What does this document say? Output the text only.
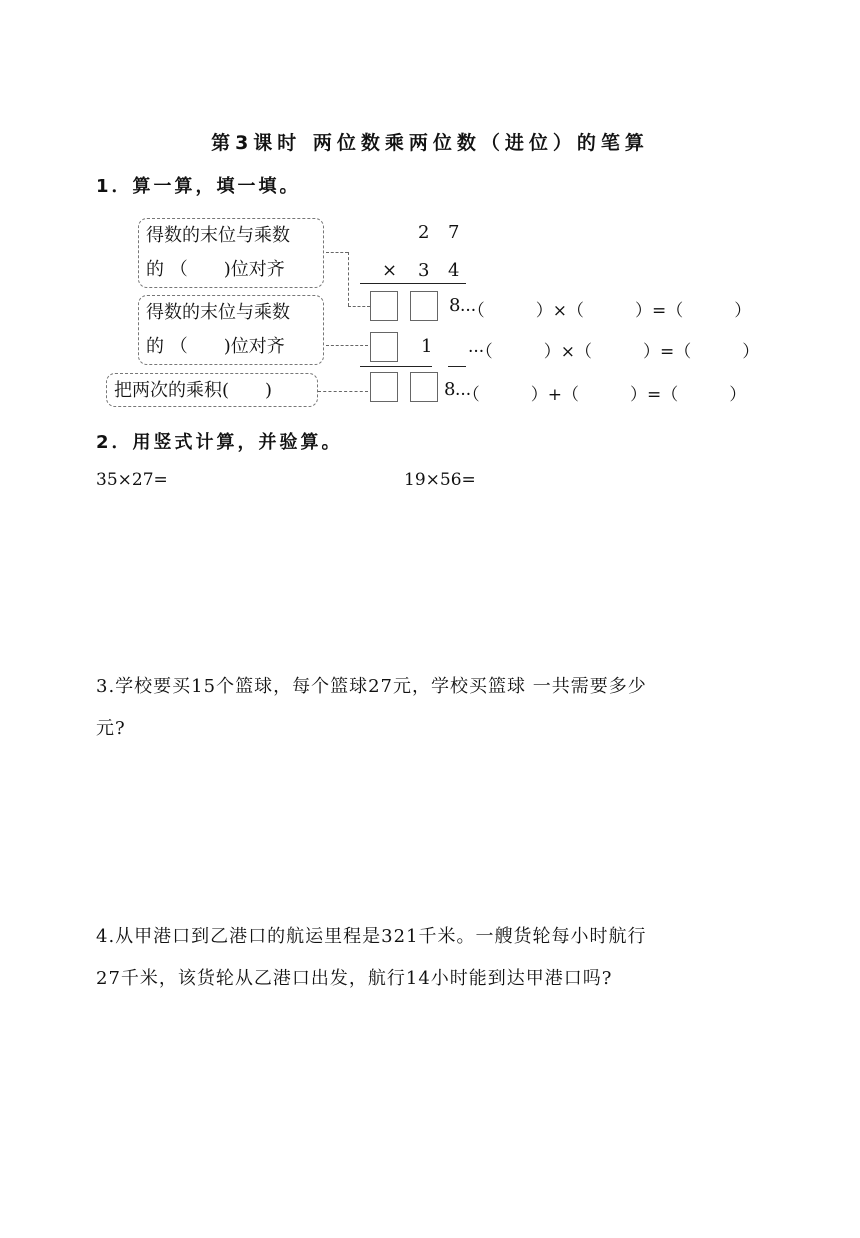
第3课时 两位数乘两位数（进位）的笔算
1．算一算，填一填。
得数的末位与乘数
的 （　　)位对齐
得数的末位与乘数
的 （　　)位对齐
把两次的乘积(　　)
2 7
× 3 4
8 ···（　　　）×（　　　）=（　　　）
1 ···（　　　）×（　　　）=（　　　）
8 ···（　　　）+（　　　）=（　　　）
2．用竖式计算，并验算。
35×27=	19×56=
3.学校要买15个篮球，每个篮球27元，学校买篮球 一共需要多少
元?
4.从甲港口到乙港口的航运里程是321千米。一艘货轮每小时航行
27千米，该货轮从乙港口出发，航行14小时能到达甲港口吗?
